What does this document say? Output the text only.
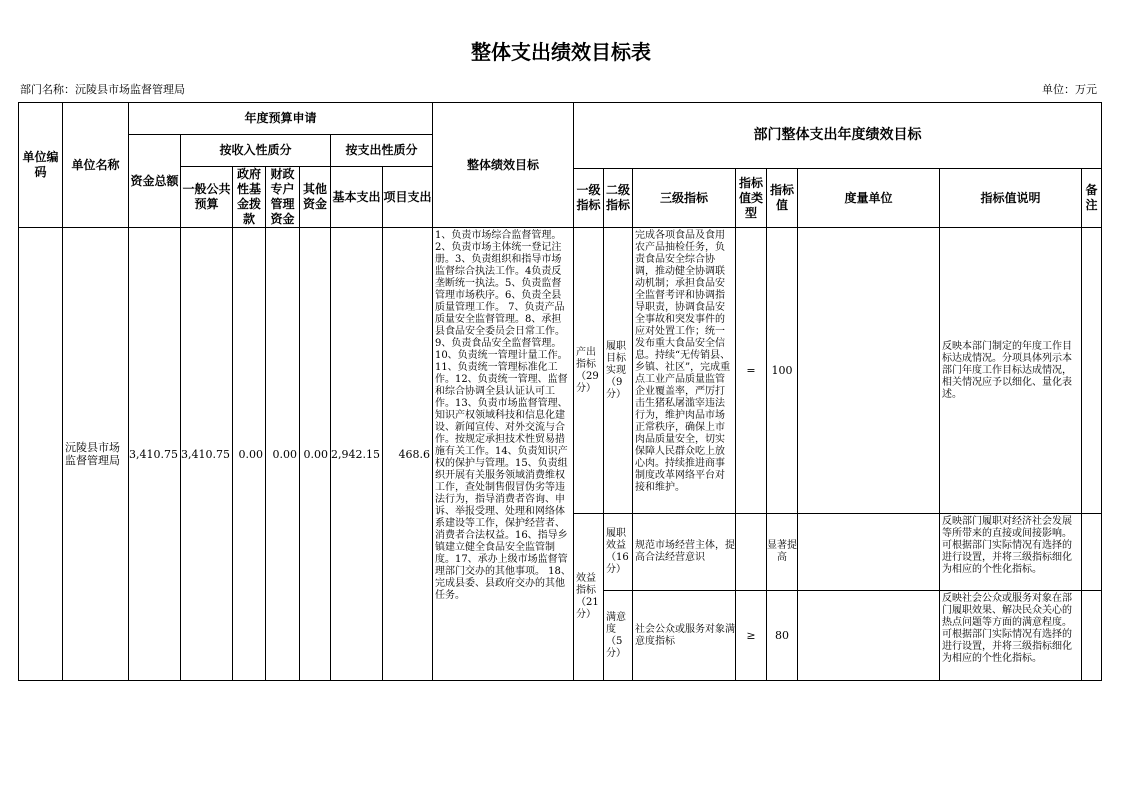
整体支出绩效目标表
部门名称：沅陵县市场监督管理局	单位：万元
单位编码	单位名称	年度预算申请							整体绩效目标	部门整体支出年度绩效目标							
		资金总额	按收入性质分				按支出性质分										
			一般公共预算	政府性基金拨款	财政专户管理资金	其他资金	基本支出	项目支出									
										一级指标	二级指标	三级指标	指标值类型	指标值	度量单位	指标值说明	备注
	沅陵县市场监督管理局	3,410.75	3,410.75	0.00	0.00	0.00	2,942.15	468.6	1、负责市场综合监督管理。2、负责市场主体统一登记注册。3、负责组织和指导市场监督综合执法工作。4负责反垄断统一执法。5、负责监督管理市场秩序。6、负责全县质量管理工作。 7、负责产品质量安全监督管理。8、承担县食品安全委员会日常工作。9、负责食品安全监督管理。10、负责统一管理计量工作。11、负责统一管理标准化工作。12、负责统一管理、监督和综合协调全县认证认可工作。13、负责市场监督管理、知识产权领域科技和信息化建设、新闻宣传、对外交流与合作。按规定承担技术性贸易措施有关工作。14、负责知识产权的保护与管理。15、负责组织开展有关服务领域消费维权工作，查处制售假冒伪劣等违法行为，指导消费者咨询、申诉、举报受理、处理和网络体系建设等工作，保护经营者、消费者合法权益。16、指导乡镇建立健全食品安全监管制度。17、承办上级市场监督管理部门交办的其他事项。 18、完成县委、县政府交办的其他任务。	产出指标（29分）	履职目标实现（9分）	完成各项食品及食用农产品抽检任务，负责食品安全综合协调，推动健全协调联动机制；承担食品安全监督考评和协调指导职责，协调食品安全事故和突发事件的应对处置工作；统一发布重大食品安全信息。持续“无传销县、乡镇、社区”，完成重点工业产品质量监管企业覆盖率，严厉打击生猪私屠滥宰违法行为，维护肉品市场正常秩序，确保上市肉品质量安全，切实保障人民群众吃上放心肉。持续推进商事制度改革网络平台对接和维护。	=	100		反映本部门制定的年度工作目标达成情况。分项具体列示本部门年度工作目标达成情况，相关情况应予以细化、量化表述。	
										效益指标（21分）	履职效益（16分）	规范市场经营主体，提高合法经营意识		显著提高		反映部门履职对经济社会发展等所带来的直接或间接影响。可根据部门实际情况有选择的进行设置，并将三级指标细化为相应的个性化指标。	
											满意度（5分）	社会公众或服务对象满意度指标	≥	80		反映社会公众或服务对象在部门履职效果、解决民众关心的热点问题等方面的满意程度。可根据部门实际情况有选择的进行设置，并将三级指标细化为相应的个性化指标。	
